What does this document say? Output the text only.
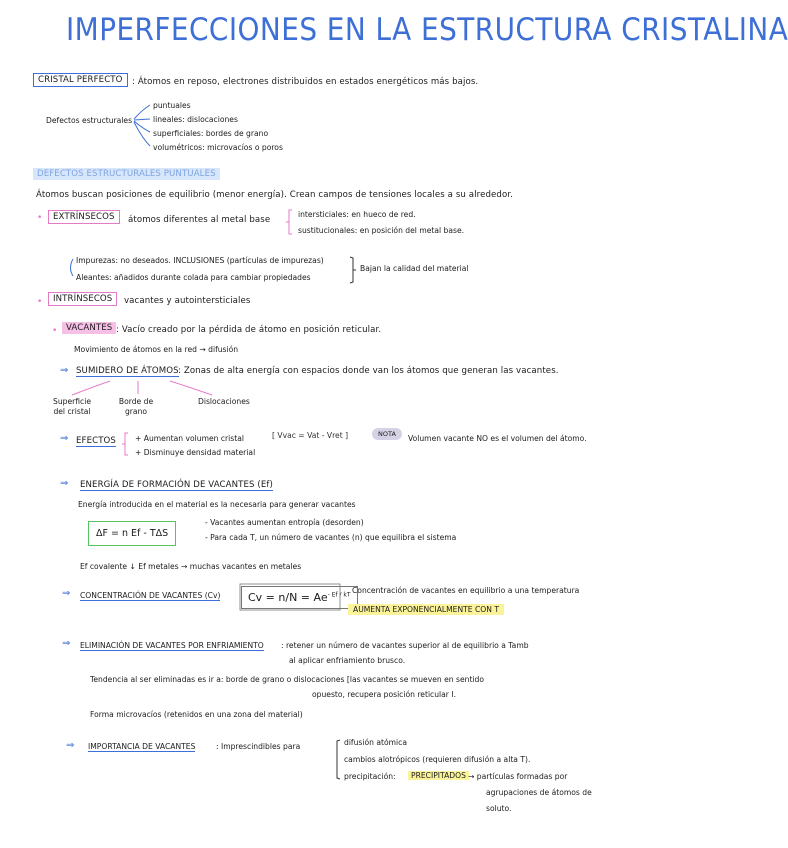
IMPERFECCIONES EN LA ESTRUCTURA CRISTALINA
CRISTAL PERFECTO	: Átomos en reposo, electrones distribuidos en estados energéticos más bajos.
Defectos estructurales
puntuales
lineales: dislocaciones
superficiales: bordes de grano
volumétricos: microvacíos o poros
DEFECTOS ESTRUCTURALES PUNTUALES
Átomos buscan posiciones de equilibrio (menor energía). Crean campos de tensiones locales a su alrededor.
•	EXTRÍNSECOS	átomos diferentes al metal base
intersticiales: en hueco de red.
sustitucionales: en posición del metal base.
Impurezas: no deseados. INCLUSIONES (partículas de impurezas)
Aleantes: añadidos durante colada para cambiar propiedades
Bajan la calidad del material
•	INTRÍNSECOS	vacantes y autointersticiales
•	VACANTES : Vacío creado por la pérdida de átomo en posición reticular.
Movimiento de átomos en la red → difusión
⇒ SUMIDERO DE ÁTOMOS : Zonas de alta energía con espacios donde van los átomos que generan las vacantes.
Superficie del cristal
Borde de grano
Dislocaciones
⇒ EFECTOS	+ Aumentan volumen cristal
+ Disminuye densidad material
[ Vvac = Vat - Vret ]	NOTA	Volumen vacante NO es el volumen del átomo.
⇒ ENERGÍA DE FORMACIÓN DE VACANTES (Ef)
Energía introducida en el material es la necesaria para generar vacantes
ΔF = n Ef - TΔS
- Vacantes aumentan entropía (desorden)
- Para cada T, un número de vacantes (n) que equilibra el sistema
Ef covalente ↓ Ef metales → muchas vacantes en metales
⇒ CONCENTRACIÓN DE VACANTES (Cv)	$Cv = n/N = Ae^{- Ef / kT}$ Concentración de vacantes en equilibrio a una temperatura
AUMENTA EXPONENCIALMENTE CON T
⇒ ELIMINACIÓN DE VACANTES POR ENFRIAMIENTO : retener un número de vacantes superior al de equilibrio a Tamb
al aplicar enfriamiento brusco.
Tendencia al ser eliminadas es ir a: borde de grano o dislocaciones [las vacantes se mueven en sentido
opuesto, recupera posición reticular I.
Forma microvacíos (retenidos en una zona del material)
⇒ IMPORTANCIA DE VACANTES	: Imprescindibles para	difusión atómica
cambios alotrópicos (requieren difusión a alta T).
precipitación:	PRECIPITADOS → partículas formadas por
agrupaciones de átomos de
soluto.
